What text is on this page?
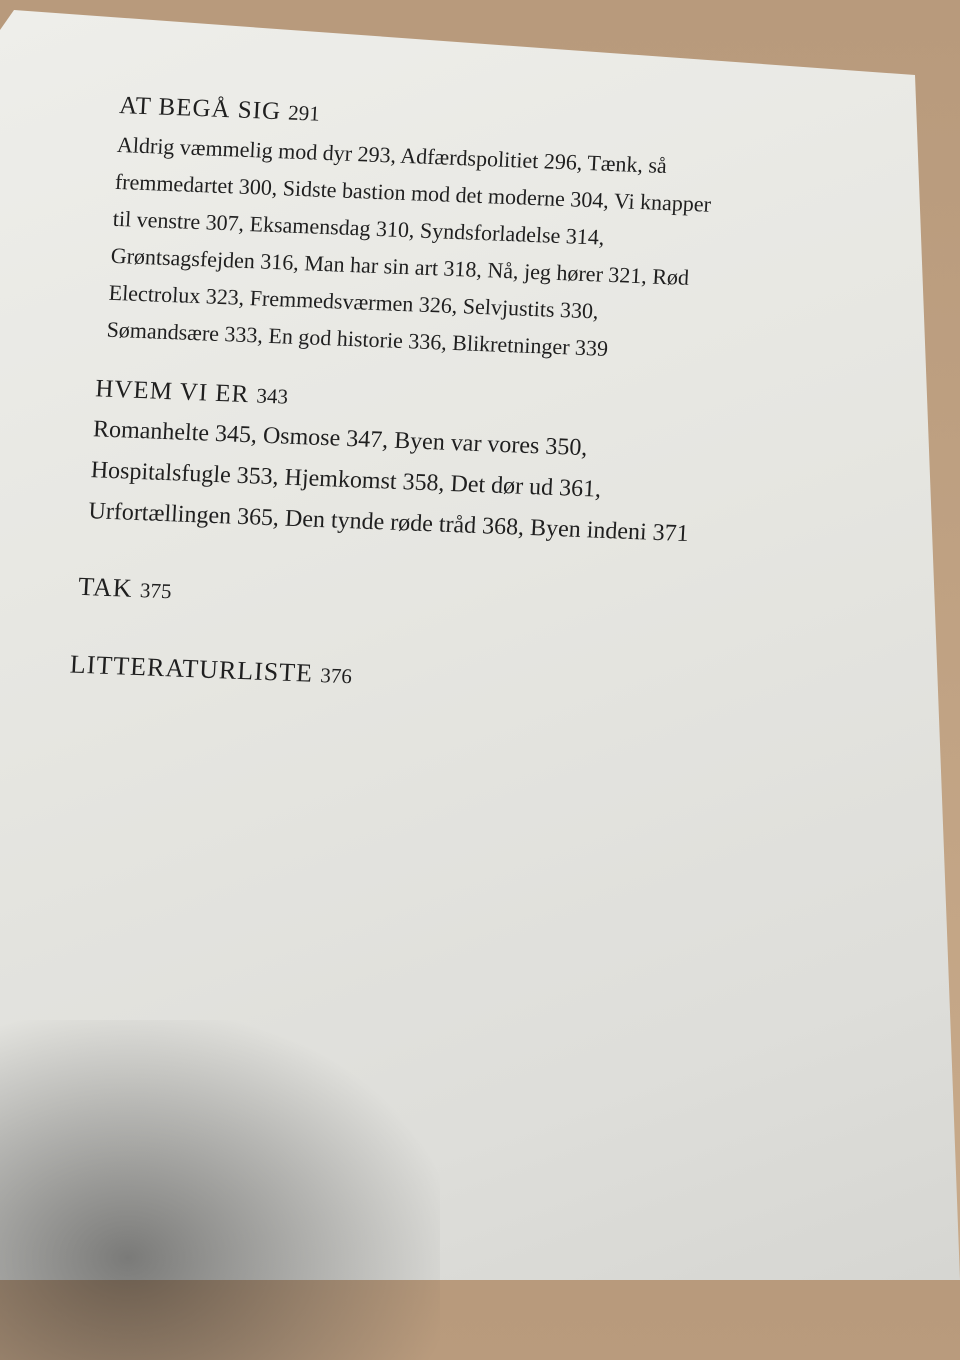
AT BEGÅ SIG 291

Aldrig væmmelig mod dyr 293, Adfærdspolitiet 296, Tænk, så
fremmedartet 300, Sidste bastion mod det moderne 304, Vi knapper
til venstre 307, Eksamensdag 310, Syndsforladelse 314,
Grøntsagsfejden 316, Man har sin art 318, Nå, jeg hører 321, Rød
Electrolux 323, Fremmedsværmen 326, Selvjustits 330,
Sømandsære 333, En god historie 336, Blikretninger 339

HVEM VI ER 343

Romanhelte 345, Osmose 347, Byen var vores 350,
Hospitalsfugle 353, Hjemkomst 358, Det dør ud 361,
Urfortællingen 365, Den tynde røde tråd 368, Byen indeni 371

TAK 375

LITTERATURLISTE 376
